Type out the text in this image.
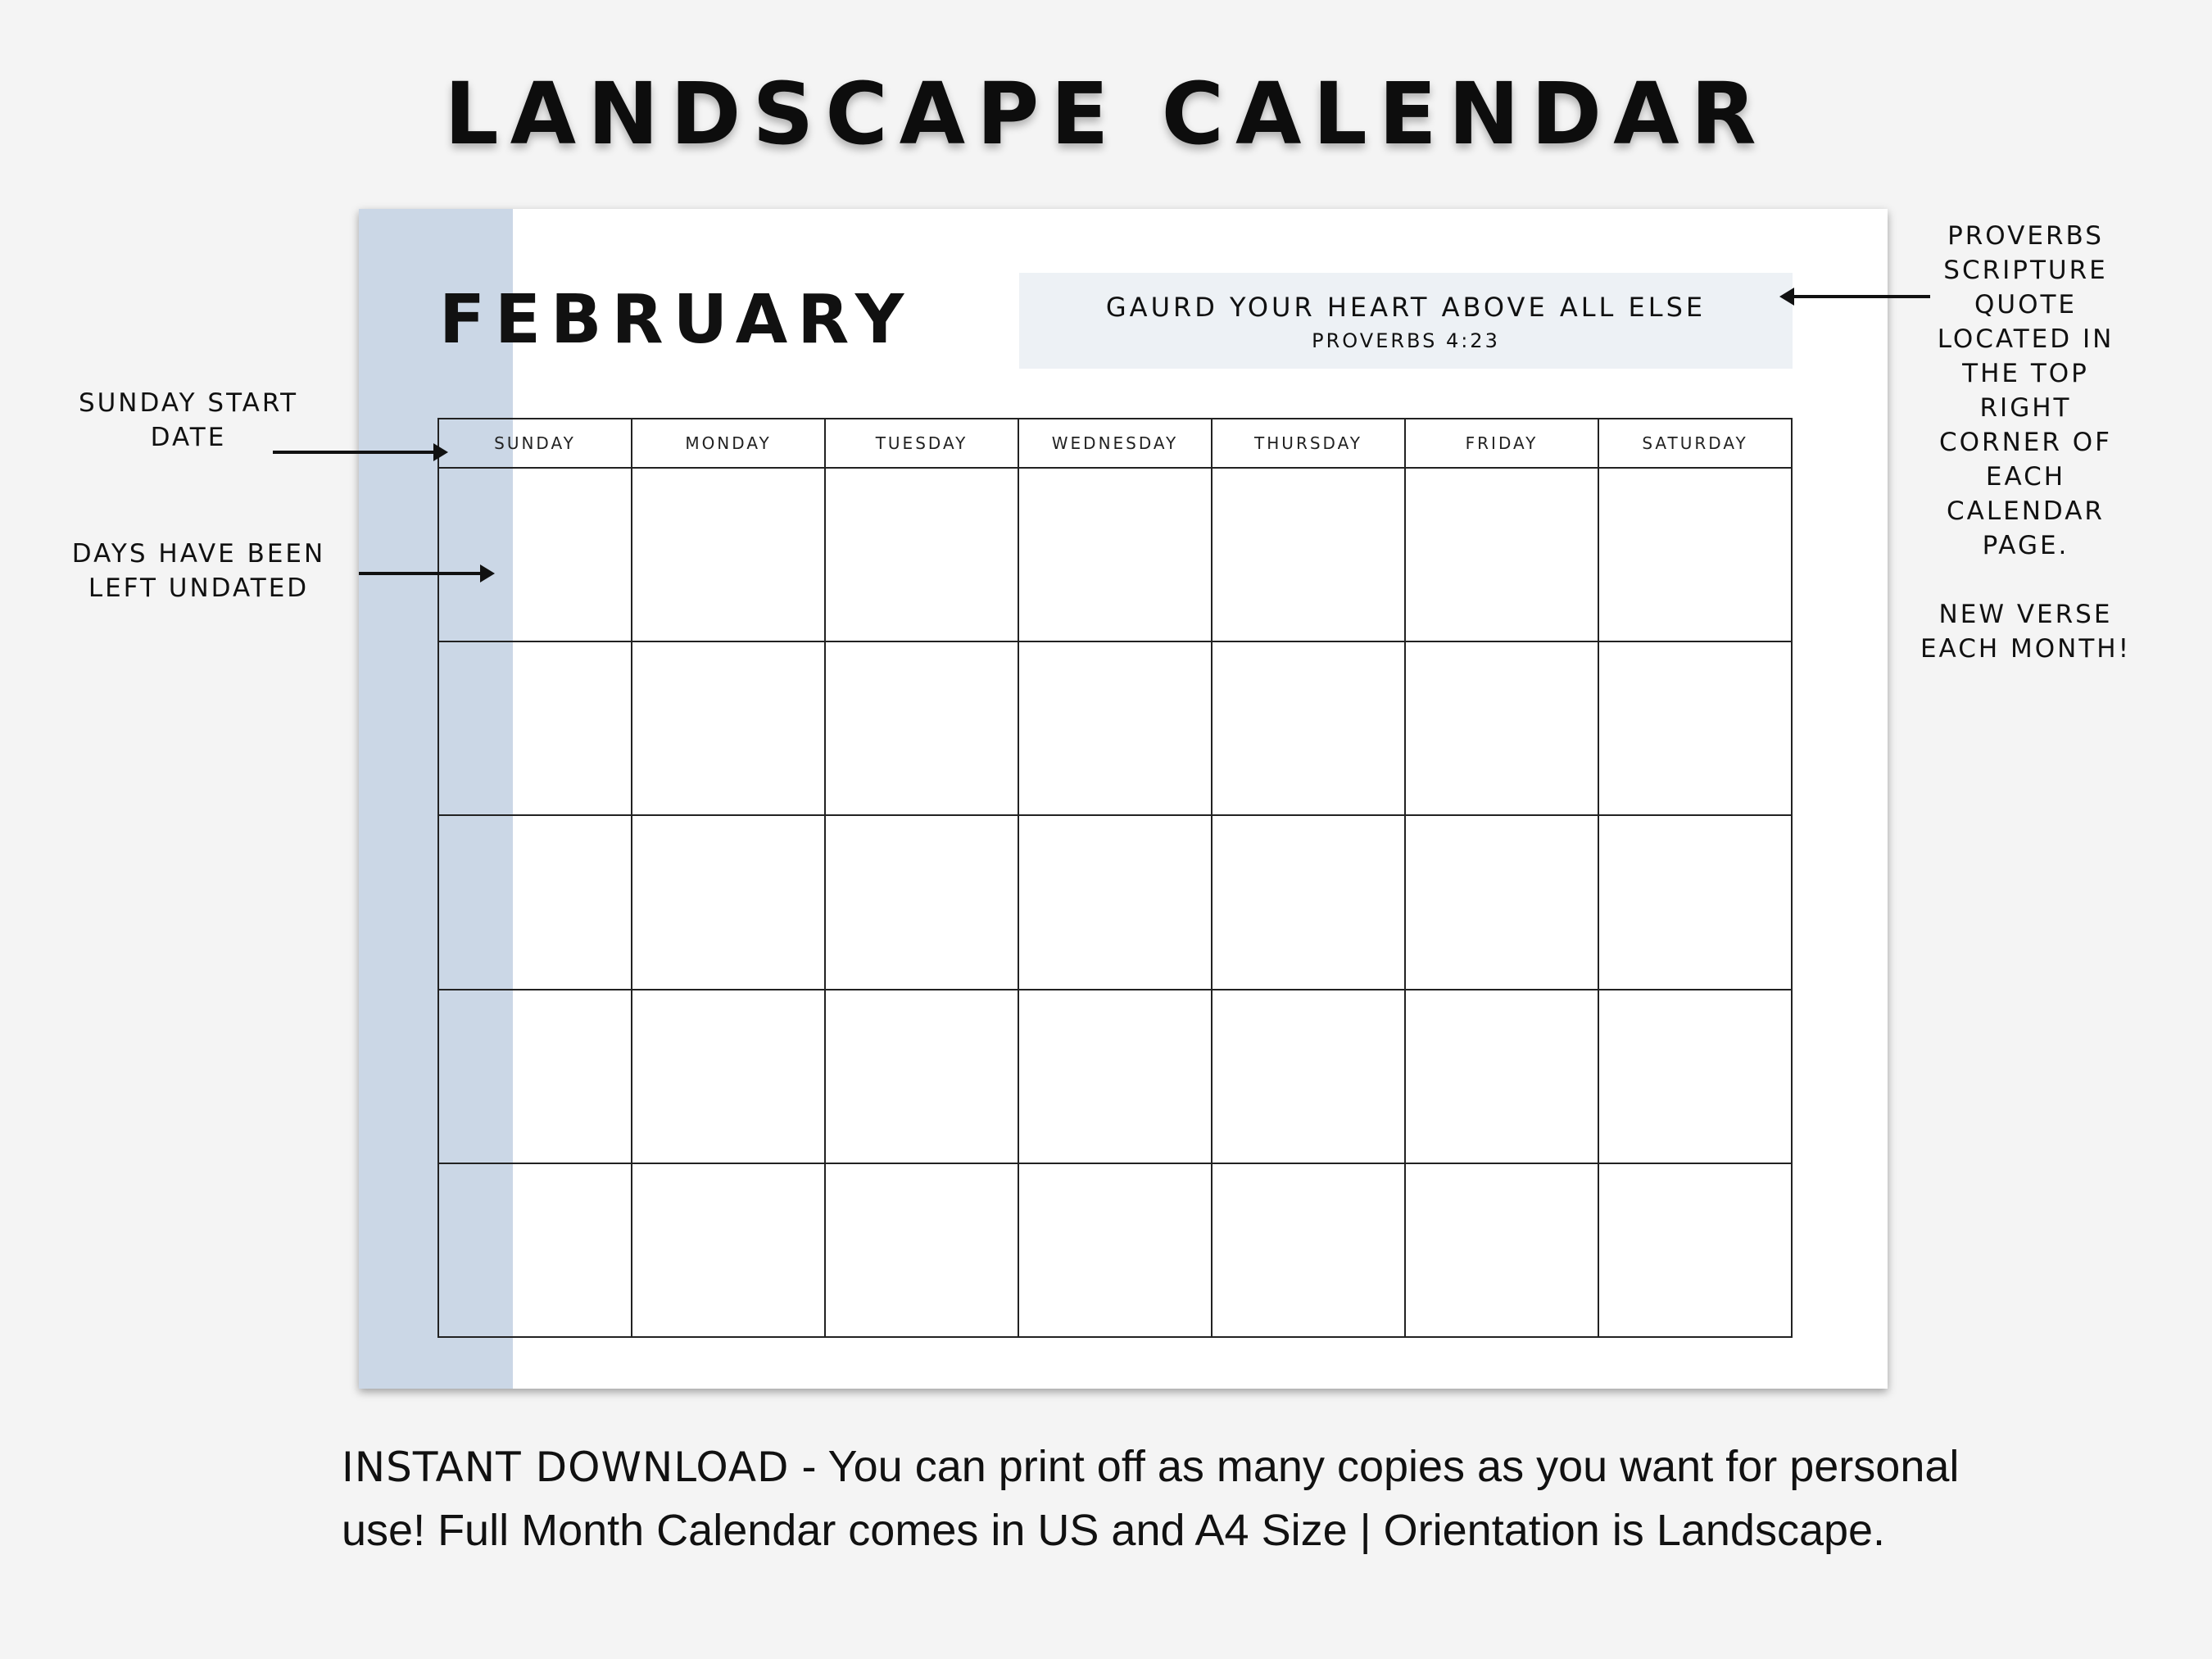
LANDSCAPE CALENDAR
FEBRUARY	GAURD YOUR HEART ABOVE ALL ELSE
PROVERBS 4:23
SUNDAY	MONDAY	TUESDAY	WEDNESDAY	THURSDAY	FRIDAY	SATURDAY

SUNDAY START
DATE
DAYS HAVE BEEN
LEFT UNDATED
PROVERBS
SCRIPTURE
QUOTE
LOCATED IN
THE TOP
RIGHT
CORNER OF
EACH
CALENDAR
PAGE.
NEW VERSE
EACH MONTH!

INSTANT DOWNLOAD - You can print off as many copies as you want for personal use! Full Month Calendar comes in US and A4 Size | Orientation is Landscape.
